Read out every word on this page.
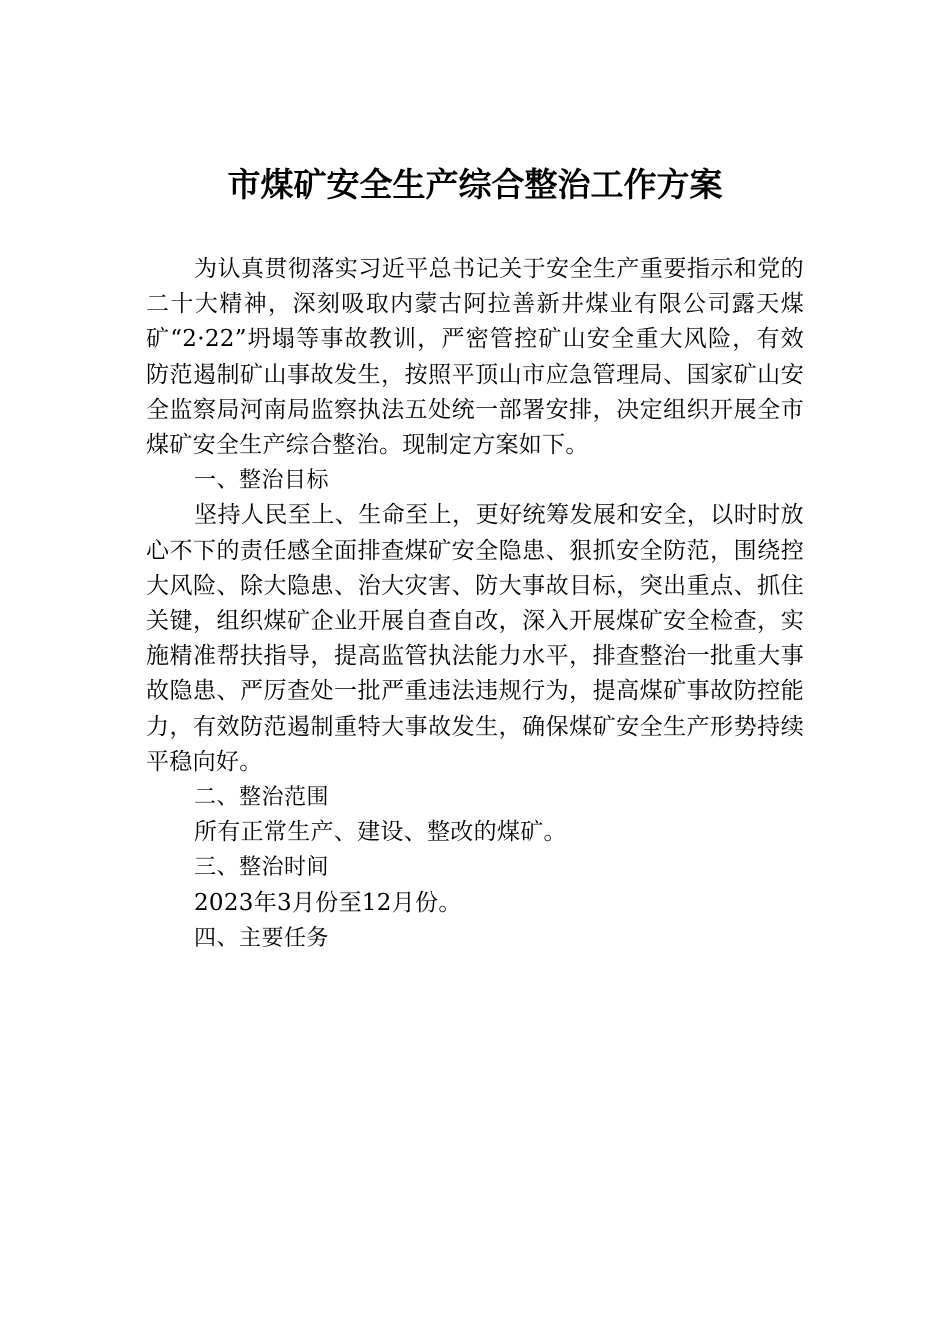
市煤矿安全生产综合整治工作方案

为认真贯彻落实习近平总书记关于安全生产重要指示和党的二十大精神，深刻吸取内蒙古阿拉善新井煤业有限公司露天煤矿“2·22”坍塌等事故教训，严密管控矿山安全重大风险，有效防范遏制矿山事故发生，按照平顶山市应急管理局、国家矿山安全监察局河南局监察执法五处统一部署安排，决定组织开展全市煤矿安全生产综合整治。现制定方案如下。

一、整治目标

坚持人民至上、生命至上，更好统筹发展和安全，以时时放心不下的责任感全面排查煤矿安全隐患、狠抓安全防范，围绕控大风险、除大隐患、治大灾害、防大事故目标，突出重点、抓住关键，组织煤矿企业开展自查自改，深入开展煤矿安全检查，实施精准帮扶指导，提高监管执法能力水平，排查整治一批重大事故隐患、严厉查处一批严重违法违规行为，提高煤矿事故防控能力，有效防范遏制重特大事故发生，确保煤矿安全生产形势持续平稳向好。

二、整治范围

所有正常生产、建设、整改的煤矿。

三、整治时间

2023年3月份至12月份。

四、主要任务
